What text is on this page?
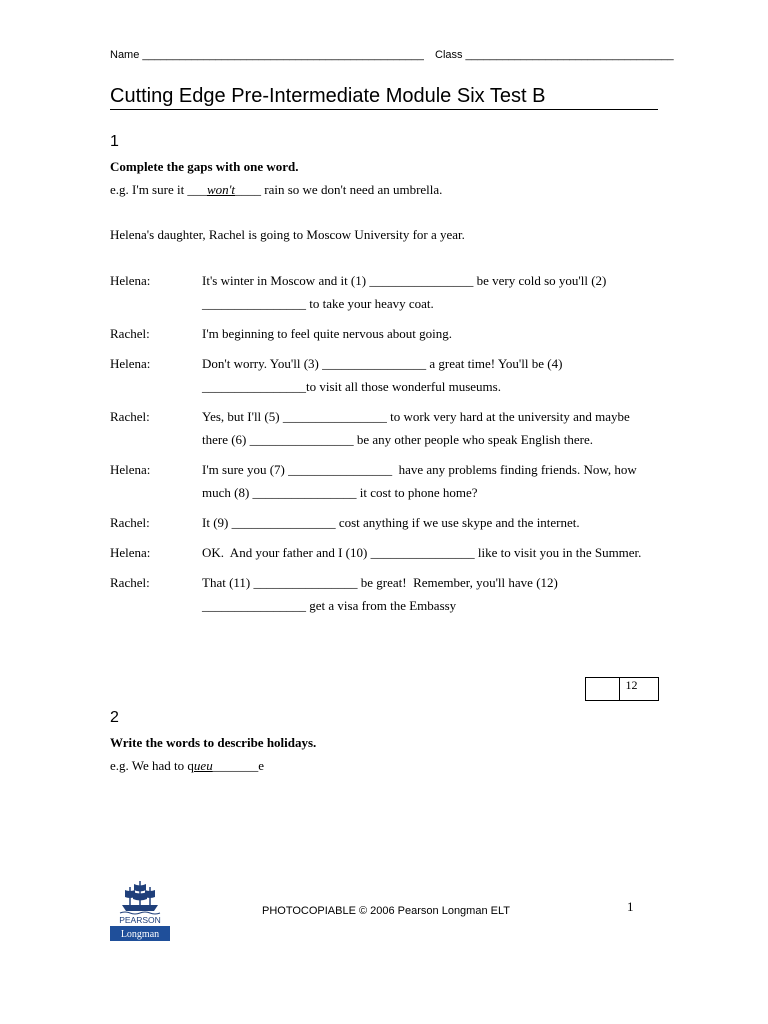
Name ______________________________________________ Class __________________________________
Cutting Edge Pre-Intermediate Module Six Test B
1
Complete the gaps with one word.
e.g. I'm sure it ___won't____ rain so we don't need an umbrella.
Helena's daughter, Rachel is going to Moscow University for a year.
Helena:	It's winter in Moscow and it (1) ________________ be very cold so you'll (2) ________________ to take your heavy coat.
Rachel:	I'm beginning to feel quite nervous about going.
Helena:	Don't worry. You'll (3) ________________ a great time! You'll be (4) ________________to visit all those wonderful museums.
Rachel:	Yes, but I'll (5) ________________ to work very hard at the university and maybe there (6) ________________ be any other people who speak English there.
Helena:	I'm sure you (7) ________________  have any problems finding friends. Now, how much (8) ________________ it cost to phone home?
Rachel:	It (9) ________________ cost anything if we use skype and the internet.
Helena:	OK.  And your father and I (10) ________________ like to visit you in the Summer.
Rachel:	That (11) ________________ be great!  Remember, you'll have (12) ________________ get a visa from the Embassy
12
2
Write the words to describe holidays.
e.g. We had to queu_______e
PEARSON
Longman
PHOTOCOPIABLE © 2006 Pearson Longman ELT	1
